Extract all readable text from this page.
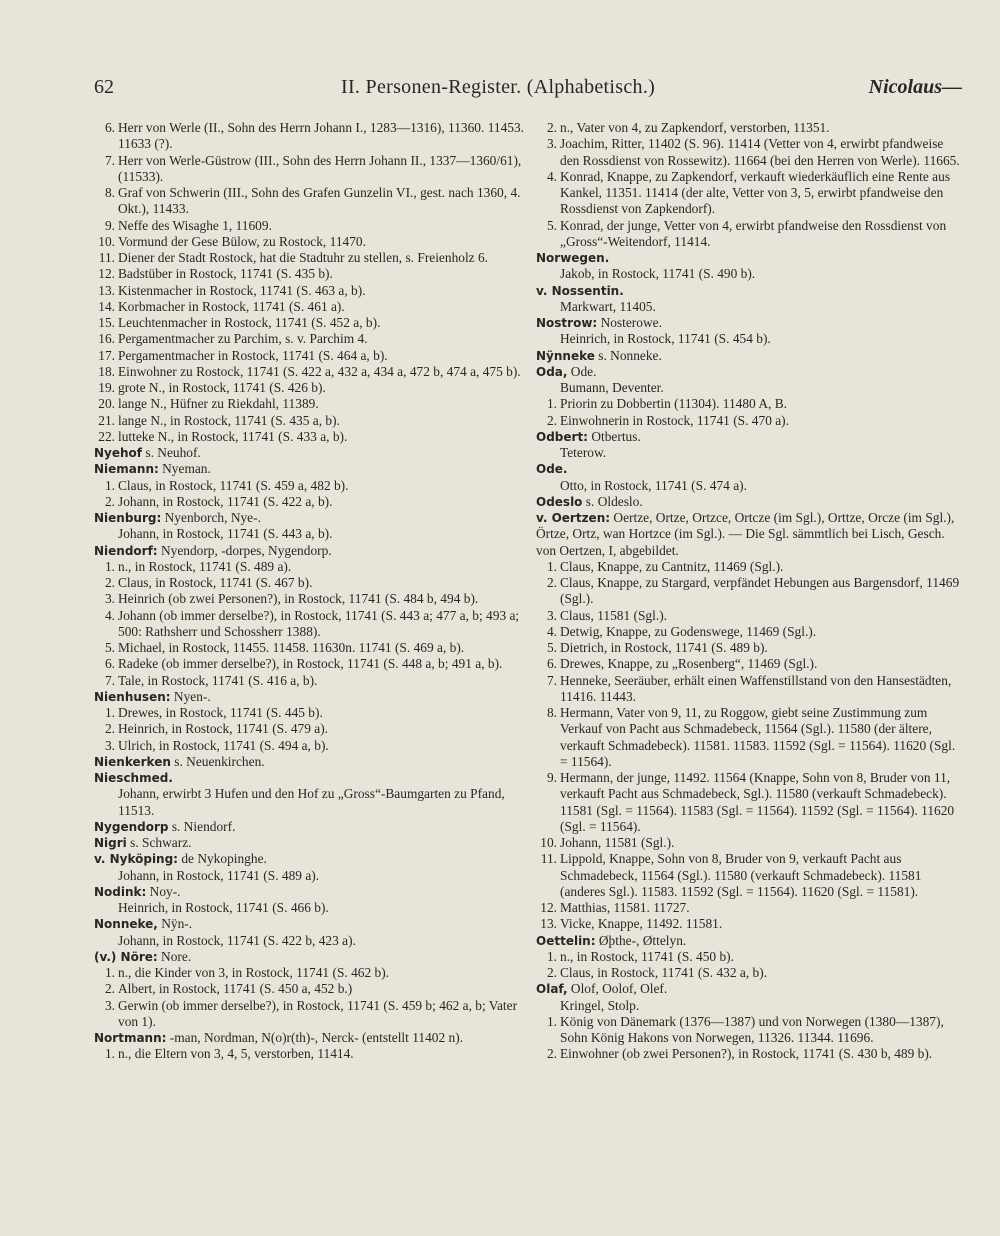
62	II. Personen-Register. (Alphabetisch.)	Nicolaus—
6. Herr von Werle (II., Sohn des Herrn Johann I., 1283—1316), 11360. 11453. 11633 (?).
7. Herr von Werle-Güstrow (III., Sohn des Herrn Johann II., 1337—1360/61), (11533).
8. Graf von Schwerin (III., Sohn des Grafen Gunzelin VI., gest. nach 1360, 4. Okt.), 11433.
9. Neffe des Wisaghe 1, 11609.
10. Vormund der Gese Bülow, zu Rostock, 11470.
11. Diener der Stadt Rostock, hat die Stadtuhr zu stellen, s. Freienholz 6.
12. Badstüber in Rostock, 11741 (S. 435 b).
13. Kistenmacher in Rostock, 11741 (S. 463 a, b).
14. Korbmacher in Rostock, 11741 (S. 461 a).
15. Leuchtenmacher in Rostock, 11741 (S. 452 a, b).
16. Pergamentmacher zu Parchim, s. v. Parchim 4.
17. Pergamentmacher in Rostock, 11741 (S. 464 a, b).
18. Einwohner zu Rostock, 11741 (S. 422 a, 432 a, 434 a, 472 b, 474 a, 475 b).
19. grote N., in Rostock, 11741 (S. 426 b).
20. lange N., Hüfner zu Riekdahl, 11389.
21. lange N., in Rostock, 11741 (S. 435 a, b).
22. lutteke N., in Rostock, 11741 (S. 433 a, b).
Nyehof s. Neuhof.
Niemann: Nyeman.
1. Claus, in Rostock, 11741 (S. 459 a, 482 b).
2. Johann, in Rostock, 11741 (S. 422 a, b).
Nienburg: Nyenborch, Nye-.
Johann, in Rostock, 11741 (S. 443 a, b).
Niendorf: Nyendorp, -dorpes, Nygendorp.
1. n., in Rostock, 11741 (S. 489 a).
2. Claus, in Rostock, 11741 (S. 467 b).
3. Heinrich (ob zwei Personen?), in Rostock, 11741 (S. 484 b, 494 b).
4. Johann (ob immer derselbe?), in Rostock, 11741 (S. 443 a; 477 a, b; 493 a; 500: Rathsherr und Schossherr 1388).
5. Michael, in Rostock, 11455. 11458. 11630n. 11741 (S. 469 a, b).
6. Radeke (ob immer derselbe?), in Rostock, 11741 (S. 448 a, b; 491 a, b).
7. Tale, in Rostock, 11741 (S. 416 a, b).
Nienhusen: Nyen-.
1. Drewes, in Rostock, 11741 (S. 445 b).
2. Heinrich, in Rostock, 11741 (S. 479 a).
3. Ulrich, in Rostock, 11741 (S. 494 a, b).
Nienkerken s. Neuenkirchen.
Nieschmed.
Johann, erwirbt 3 Hufen und den Hof zu „Gross“-Baumgarten zu Pfand, 11513.
Nygendorp s. Niendorf.
Nigri s. Schwarz.
v. Nyköping: de Nykopinghe.
Johann, in Rostock, 11741 (S. 489 a).
Nodink: Noy-.
Heinrich, in Rostock, 11741 (S. 466 b).
Nonneke, Nÿn-.
Johann, in Rostock, 11741 (S. 422 b, 423 a).
(v.) Nöre: Nore.
1. n., die Kinder von 3, in Rostock, 11741 (S. 462 b).
2. Albert, in Rostock, 11741 (S. 450 a, 452 b.)
3. Gerwin (ob immer derselbe?), in Rostock, 11741 (S. 459 b; 462 a, b; Vater von 1).
Nortmann: -man, Nordman, N(o)r(th)-, Nerck- (entstellt 11402 n).
1. n., die Eltern von 3, 4, 5, verstorben, 11414.
2. n., Vater von 4, zu Zapkendorf, verstorben, 11351.
3. Joachim, Ritter, 11402 (S. 96). 11414 (Vetter von 4, erwirbt pfandweise den Rossdienst von Rossewitz). 11664 (bei den Herren von Werle). 11665.
4. Konrad, Knappe, zu Zapkendorf, verkauft wiederkäuflich eine Rente aus Kankel, 11351. 11414 (der alte, Vetter von 3, 5, erwirbt pfandweise den Rossdienst von Zapkendorf).
5. Konrad, der junge, Vetter von 4, erwirbt pfandweise den Rossdienst von „Gross“-Weitendorf, 11414.
Norwegen.
Jakob, in Rostock, 11741 (S. 490 b).
v. Nossentin.
Markwart, 11405.
Nostrow: Nosterowe.
Heinrich, in Rostock, 11741 (S. 454 b).
Nÿnneke s. Nonneke.
Oda, Ode.
Bumann, Deventer.
1. Priorin zu Dobbertin (11304). 11480 A, B.
2. Einwohnerin in Rostock, 11741 (S. 470 a).
Odbert: Otbertus.
Teterow.
Ode.
Otto, in Rostock, 11741 (S. 474 a).
Odeslo s. Oldeslo.
v. Oertzen: Oertze, Ortze, Ortzce, Ortcze (im Sgl.), Orttze, Orcze (im Sgl.), Örtze, Ortz, wan Hortzce (im Sgl.). — Die Sgl. sämmtlich bei Lisch, Gesch. von Oertzen, I, abgebildet.
1. Claus, Knappe, zu Cantnitz, 11469 (Sgl.).
2. Claus, Knappe, zu Stargard, verpfändet Hebungen aus Bargensdorf, 11469 (Sgl.).
3. Claus, 11581 (Sgl.).
4. Detwig, Knappe, zu Godenswege, 11469 (Sgl.).
5. Dietrich, in Rostock, 11741 (S. 489 b).
6. Drewes, Knappe, zu „Rosenberg“, 11469 (Sgl.).
7. Henneke, Seeräuber, erhält einen Waffenstillstand von den Hansestädten, 11416. 11443.
8. Hermann, Vater von 9, 11, zu Roggow, giebt seine Zustimmung zum Verkauf von Pacht aus Schmadebeck, 11564 (Sgl.). 11580 (der ältere, verkauft Schmadebeck). 11581. 11583. 11592 (Sgl. = 11564). 11620 (Sgl. = 11564).
9. Hermann, der junge, 11492. 11564 (Knappe, Sohn von 8, Bruder von 11, verkauft Pacht aus Schmadebeck, Sgl.). 11580 (verkauft Schmadebeck). 11581 (Sgl. = 11564). 11583 (Sgl. = 11564). 11592 (Sgl. = 11564). 11620 (Sgl. = 11564).
10. Johann, 11581 (Sgl.).
11. Lippold, Knappe, Sohn von 8, Bruder von 9, verkauft Pacht aus Schmadebeck, 11564 (Sgl.). 11580 (verkauft Schmadebeck). 11581 (anderes Sgl.). 11583. 11592 (Sgl. = 11564). 11620 (Sgl. = 11581).
12. Matthias, 11581. 11727.
13. Vicke, Knappe, 11492. 11581.
Oettelin: Øþthe-, Øttelyn.
1. n., in Rostock, 11741 (S. 450 b).
2. Claus, in Rostock, 11741 (S. 432 a, b).
Olaf, Olof, Oolof, Olef.
Kringel, Stolp.
1. König von Dänemark (1376—1387) und von Norwegen (1380—1387), Sohn König Hakons von Norwegen, 11326. 11344. 11696.
2. Einwohner (ob zwei Personen?), in Rostock, 11741 (S. 430 b, 489 b).
